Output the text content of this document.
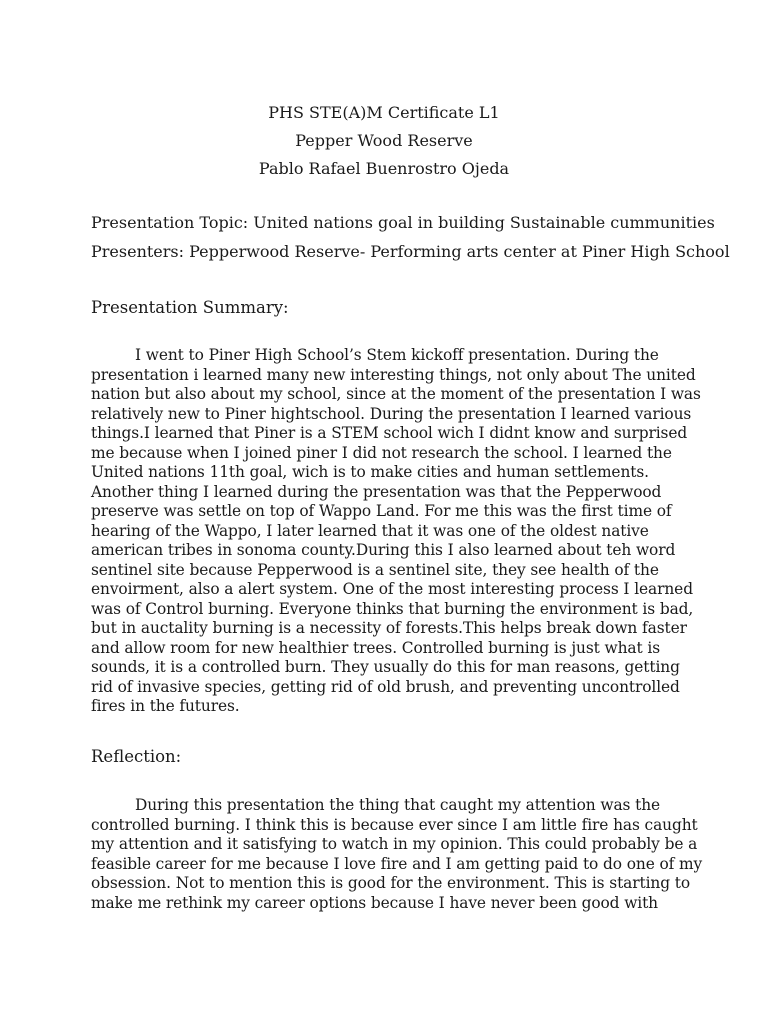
PHS STE(A)M Certificate L1
Pepper Wood Reserve
Pablo Rafael Buenrostro Ojeda
Presentation Topic: United nations goal in building Sustainable cummunities
Presenters: Pepperwood Reserve- Performing arts center at Piner High School
Presentation Summary:
I went to Piner High School’s Stem kickoff presentation. During the
presentation i learned many new interesting things, not only about The united
nation but also about my school, since at the moment of the presentation I was
relatively new to Piner hightschool. During the presentation I learned various
things.I learned that Piner is a STEM school wich I didnt know and surprised
me because when I joined piner I did not research the school. I learned the
United nations 11th goal, wich is to make cities and human settlements.
Another thing I learned during the presentation was that the Pepperwood
preserve was settle on top of Wappo Land. For me this was the first time of
hearing of the Wappo, I later learned that it was one of the oldest native
american tribes in sonoma county.During this I also learned about teh word
sentinel site because Pepperwood is a sentinel site, they see health of the
envoirment, also a alert system. One of the most interesting process I learned
was of Control burning. Everyone thinks that burning the environment is bad,
but in auctality burning is a necessity of forests.This helps break down faster
and allow room for new healthier trees. Controlled burning is just what is
sounds, it is a controlled burn. They usually do this for man reasons, getting
rid of invasive species, getting rid of old brush, and preventing uncontrolled
fires in the futures.
Reflection:
During this presentation the thing that caught my attention was the
controlled burning. I think this is because ever since I am little fire has caught
my attention and it satisfying to watch in my opinion. This could probably be a
feasible career for me because I love fire and I am getting paid to do one of my
obsession. Not to mention this is good for the environment. This is starting to
make me rethink my career options because I have never been good with
